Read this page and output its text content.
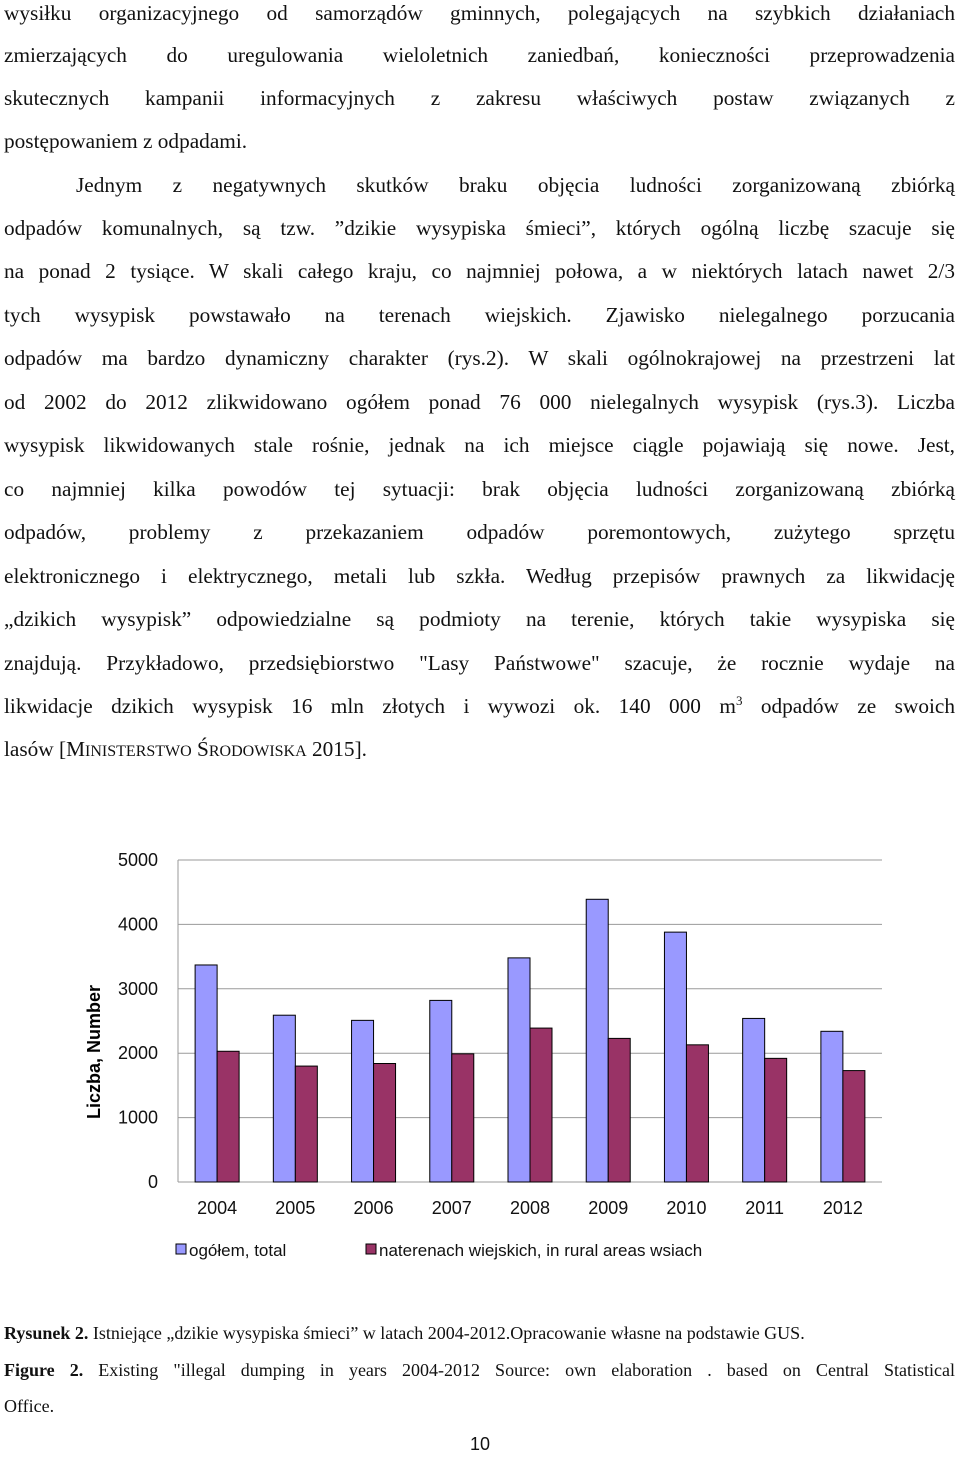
wysiłku organizacyjnego od samorządów gminnych, polegających na szybkich działaniach
zmierzających do uregulowania wieloletnich zaniedbań, konieczności przeprowadzenia
skutecznych kampanii informacyjnych z zakresu właściwych postaw związanych z
postępowaniem z odpadami.
Jednym z negatywnych skutków braku objęcia ludności zorganizowaną zbiórką
odpadów komunalnych, są tzw. ”dzikie wysypiska śmieci”, których ogólną liczbę szacuje się
na ponad 2 tysiące. W skali całego kraju, co najmniej połowa, a w niektórych latach nawet 2/3
tych wysypisk powstawało na terenach wiejskich. Zjawisko nielegalnego porzucania
odpadów ma bardzo dynamiczny charakter (rys.2). W skali ogólnokrajowej na przestrzeni lat
od 2002 do 2012 zlikwidowano ogółem ponad 76 000 nielegalnych wysypisk (rys.3). Liczba
wysypisk likwidowanych stale rośnie, jednak na ich miejsce ciągle pojawiają się nowe. Jest,
co najmniej kilka powodów tej sytuacji: brak objęcia ludności zorganizowaną zbiórką
odpadów, problemy z przekazaniem odpadów poremontowych, zużytego sprzętu
elektronicznego i elektrycznego, metali lub szkła. Według przepisów prawnych za likwidację
„dzikich wysypisk” odpowiedzialne są podmioty na terenie, których takie wysypiska się
znajdują. Przykładowo, przedsiębiorstwo "Lasy Państwowe" szacuje, że rocznie wydaje na
likwidacje dzikich wysypisk 16 mln złotych i wywozi ok. 140 000 $m^3$ odpadów ze swoich
lasów [MINISTERSTWO ŚRODOWISKA 2015].
0
1000
2000
3000
4000
5000
Liczba, Number
2004 2005 2006 2007 2008 2009 2010 2011 2012
ogółem, total	naterenach wiejskich, in rural areas wsiach
Rysunek 2. Istniejące „dzikie wysypiska śmieci” w latach 2004-2012.Opracowanie własne na podstawie GUS.
Figure 2. Existing "illegal dumping in years 2004-2012 Source: own elaboration . based on Central Statistical
Office.
10
